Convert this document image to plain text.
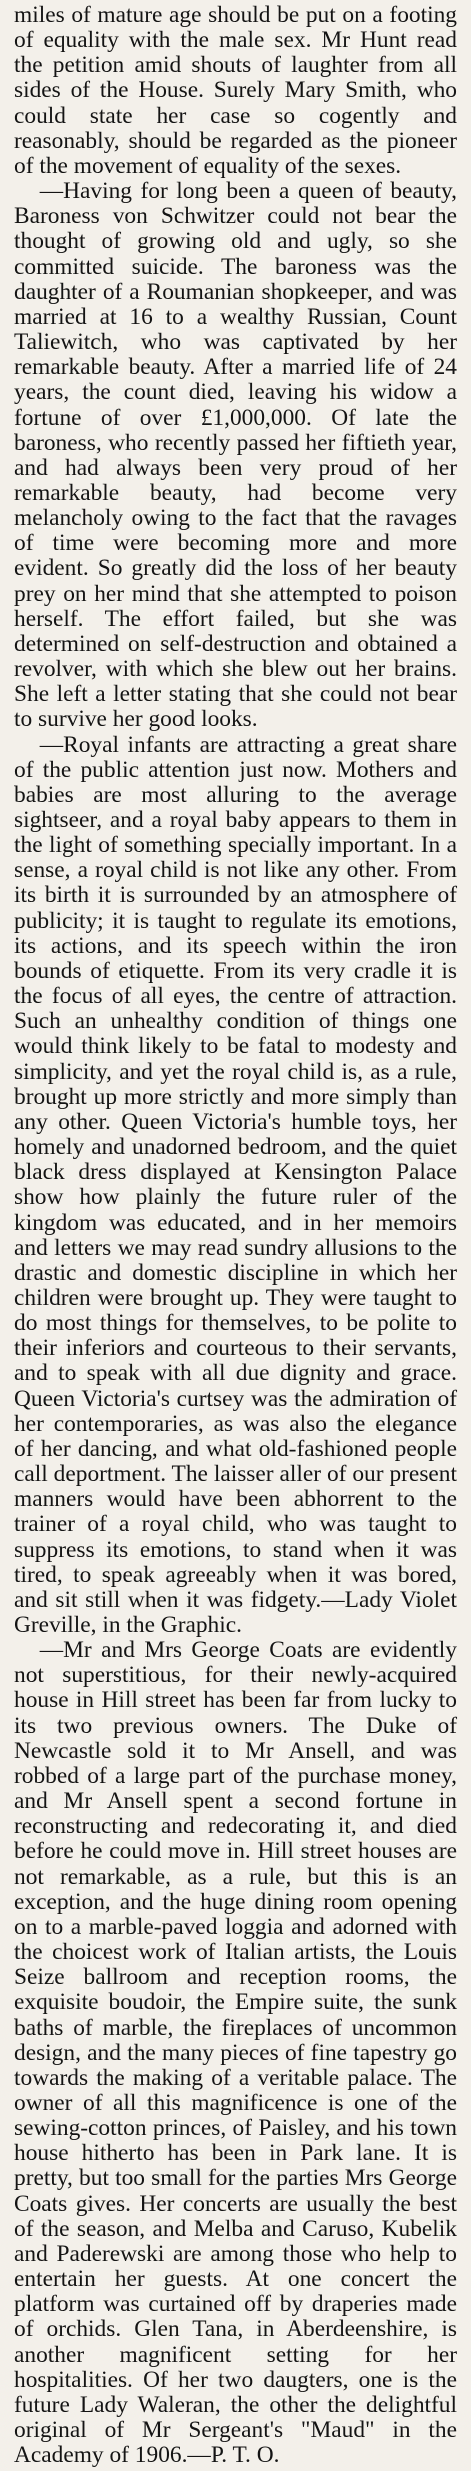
miles of mature age should be put on a footing of equality with the male sex. Mr Hunt read the petition amid shouts of laughter from all sides of the House. Surely Mary Smith, who could state her case so cogently and reasonably, should be regarded as the pioneer of the movement of equality of the sexes.

—Having for long been a queen of beauty, Baroness von Schwitzer could not bear the thought of growing old and ugly, so she committed suicide. The baroness was the daughter of a Roumanian shopkeeper, and was married at 16 to a wealthy Russian, Count Taliewitch, who was captivated by her remarkable beauty. After a married life of 24 years, the count died, leaving his widow a fortune of over £1,000,000. Of late the baroness, who recently passed her fiftieth year, and had always been very proud of her remarkable beauty, had become very melancholy owing to the fact that the ravages of time were becoming more and more evident. So greatly did the loss of her beauty prey on her mind that she attempted to poison herself. The effort failed, but she was determined on self-destruction and obtained a revolver, with which she blew out her brains. She left a letter stating that she could not bear to survive her good looks.

—Royal infants are attracting a great share of the public attention just now. Mothers and babies are most alluring to the average sightseer, and a royal baby appears to them in the light of something specially important. In a sense, a royal child is not like any other. From its birth it is surrounded by an atmosphere of publicity; it is taught to regulate its emotions, its actions, and its speech within the iron bounds of etiquette. From its very cradle it is the focus of all eyes, the centre of attraction. Such an unhealthy condition of things one would think likely to be fatal to modesty and simplicity, and yet the royal child is, as a rule, brought up more strictly and more simply than any other. Queen Victoria's humble toys, her homely and unadorned bedroom, and the quiet black dress displayed at Kensington Palace show how plainly the future ruler of the kingdom was educated, and in her memoirs and letters we may read sundry allusions to the drastic and domestic discipline in which her children were brought up. They were taught to do most things for themselves, to be polite to their inferiors and courteous to their servants, and to speak with all due dignity and grace. Queen Victoria's curtsey was the admiration of her contemporaries, as was also the elegance of her dancing, and what old-fashioned people call deportment. The laisser aller of our present manners would have been abhorrent to the trainer of a royal child, who was taught to suppress its emotions, to stand when it was tired, to speak agreeably when it was bored, and sit still when it was fidgety.—Lady Violet Greville, in the Graphic.

—Mr and Mrs George Coats are evidently not superstitious, for their newly-acquired house in Hill street has been far from lucky to its two previous owners. The Duke of Newcastle sold it to Mr Ansell, and was robbed of a large part of the purchase money, and Mr Ansell spent a second fortune in reconstructing and redecorating it, and died before he could move in. Hill street houses are not remarkable, as a rule, but this is an exception, and the huge dining room opening on to a marble-paved loggia and adorned with the choicest work of Italian artists, the Louis Seize ballroom and reception rooms, the exquisite boudoir, the Empire suite, the sunk baths of marble, the fireplaces of uncommon design, and the many pieces of fine tapestry go towards the making of a veritable palace. The owner of all this magnificence is one of the sewing-cotton princes, of Paisley, and his town house hitherto has been in Park lane. It is pretty, but too small for the parties Mrs George Coats gives. Her concerts are usually the best of the season, and Melba and Caruso, Kubelik and Paderewski are among those who help to entertain her guests. At one concert the platform was curtained off by draperies made of orchids. Glen Tana, in Aberdeenshire, is another magnificent setting for her hospitalities. Of her two daugters, one is the future Lady Waleran, the other the delightful original of Mr Sergeant's "Maud" in the Academy of 1906.—P. T. O.
